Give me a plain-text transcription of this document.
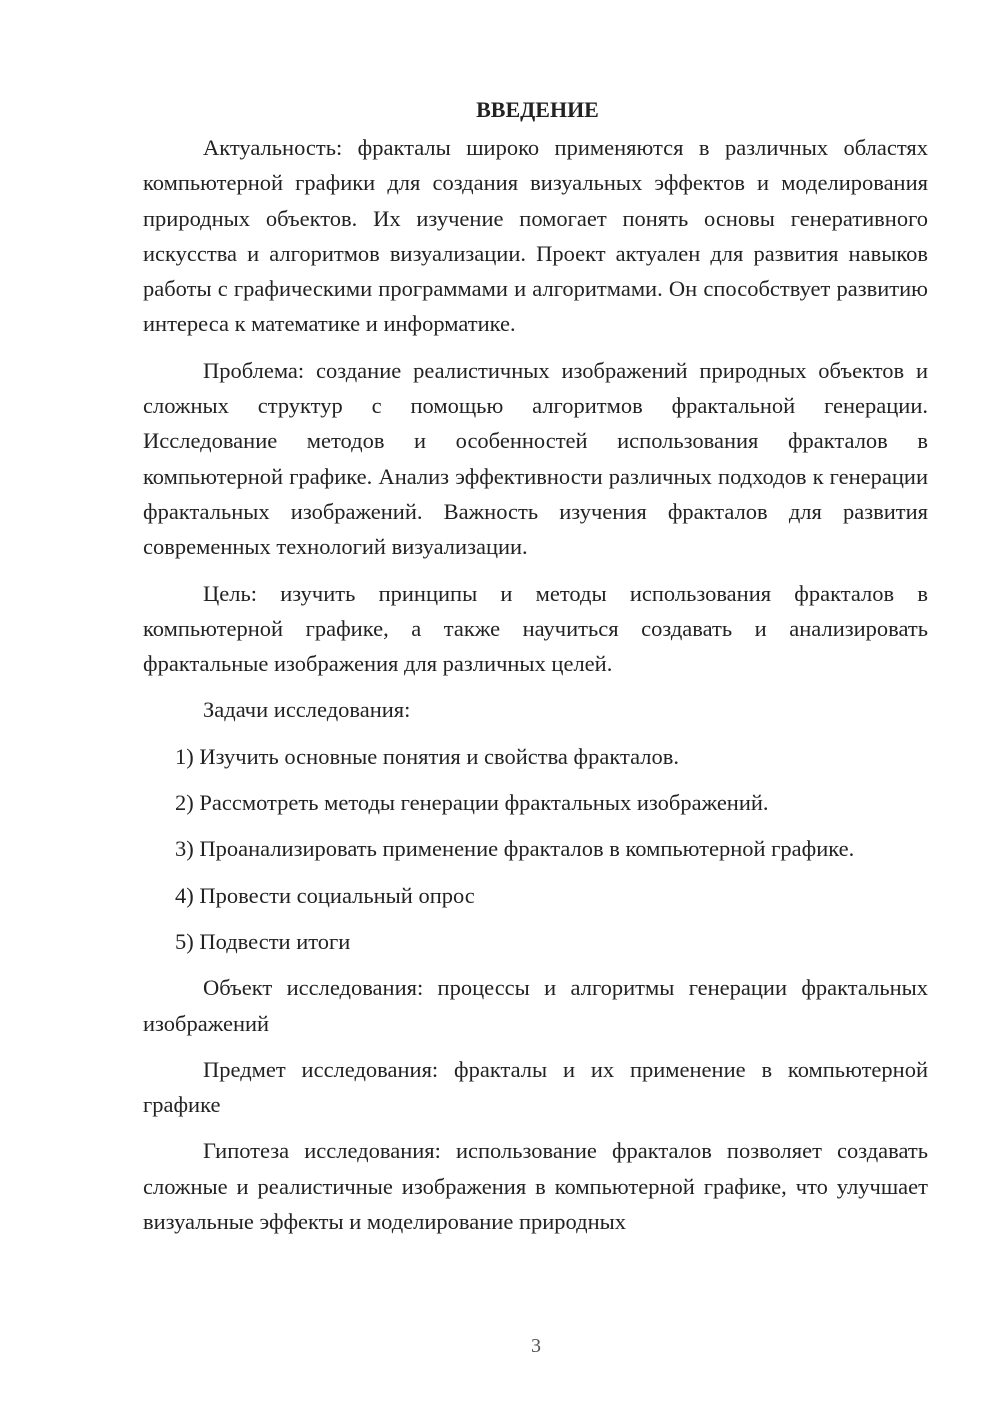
ВВЕДЕНИЕ

Актуальность: фракталы широко применяются в различных областях компьютерной графики для создания визуальных эффектов и моделирования природных объектов. Их изучение помогает понять основы генеративного искусства и алгоритмов визуализации. Проект актуален для развития навыков работы с графическими программами и алгоритмами. Он способствует развитию интереса к математике и информатике.

Проблема: создание реалистичных изображений природных объектов и сложных структур с помощью алгоритмов фрактальной генерации. Исследование методов и особенностей использования фракталов в компьютерной графике. Анализ эффективности различных подходов к генерации фрактальных изображений. Важность изучения фракталов для развития современных технологий визуализации.

Цель: изучить принципы и методы использования фракталов в компьютерной графике, а также научиться создавать и анализировать фрактальные изображения для различных целей.

Задачи исследования:

1) Изучить основные понятия и свойства фракталов.

2) Рассмотреть методы генерации фрактальных изображений.

3) Проанализировать применение фракталов в компьютерной графике.

4) Провести социальный опрос

5) Подвести итоги

Объект исследования: процессы и алгоритмы генерации фрактальных изображений

Предмет исследования: фракталы и их применение в компьютерной графике

Гипотеза исследования: использование фракталов позволяет создавать сложные и реалистичные изображения в компьютерной графике, что улучшает визуальные эффекты и моделирование природных

3
